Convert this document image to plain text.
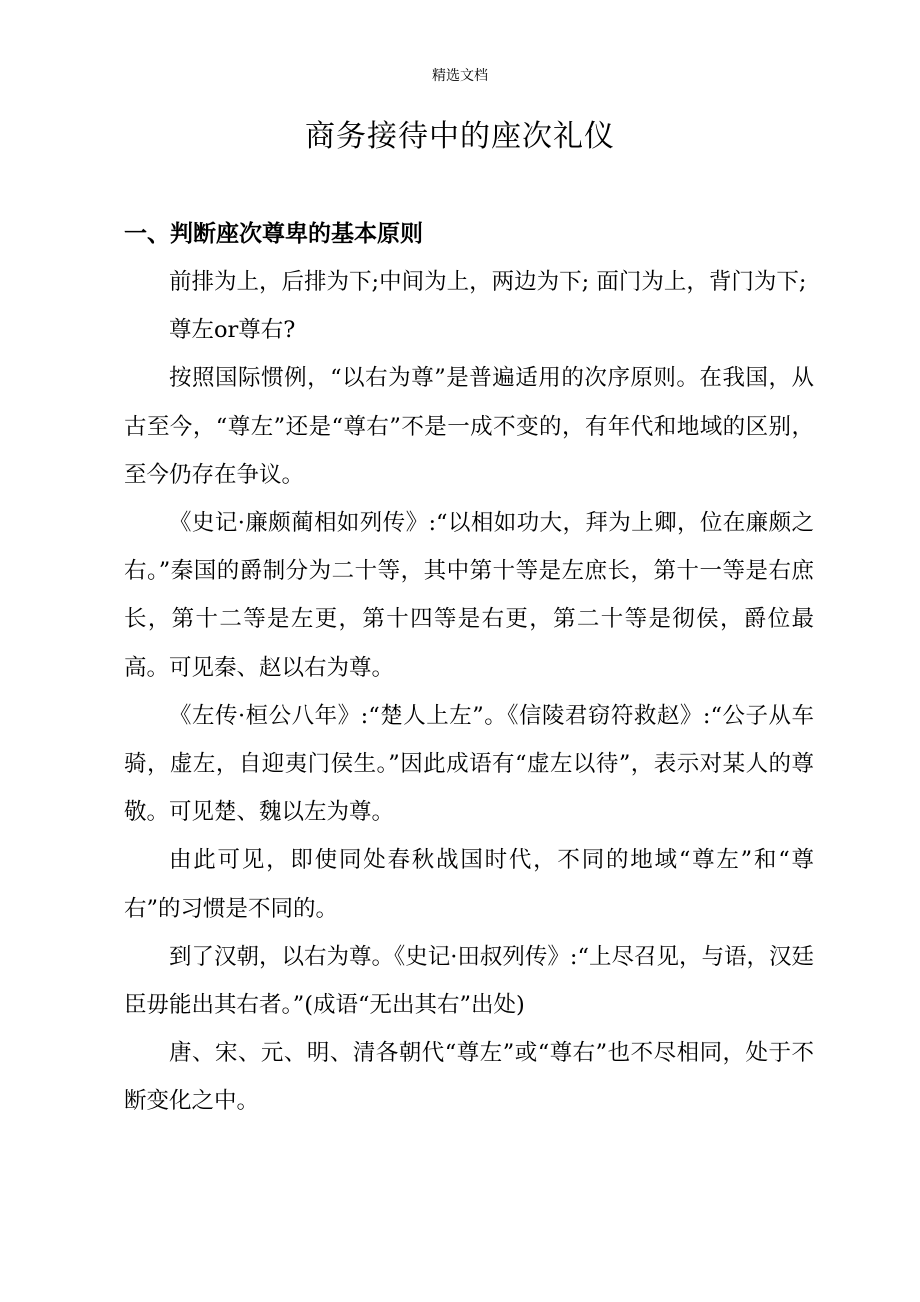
精选文档
商务接待中的座次礼仪
一、判断座次尊卑的基本原则

前排为上，后排为下;中间为上，两边为下; 面门为上，背门为下;

尊左or尊右?

按照国际惯例，“以右为尊”是普遍适用的次序原则。在我国，从古至今，“尊左”还是“尊右”不是一成不变的，有年代和地域的区别，至今仍存在争议。

《史记·廉颇蔺相如列传》:“以相如功大，拜为上卿，位在廉颇之右。”秦国的爵制分为二十等，其中第十等是左庶长，第十一等是右庶长，第十二等是左更，第十四等是右更，第二十等是彻侯，爵位最高。可见秦、赵以右为尊。

《左传·桓公八年》:“楚人上左”。《信陵君窃符救赵》:“公子从车骑，虚左，自迎夷门侯生。”因此成语有“虚左以待”，表示对某人的尊敬。可见楚、魏以左为尊。

由此可见，即使同处春秋战国时代，不同的地域“尊左”和“尊右”的习惯是不同的。

到了汉朝，以右为尊。《史记·田叔列传》:“上尽召见，与语，汉廷臣毋能出其右者。”(成语“无出其右”出处)

唐、宋、元、明、清各朝代“尊左”或“尊右”也不尽相同，处于不断变化之中。
